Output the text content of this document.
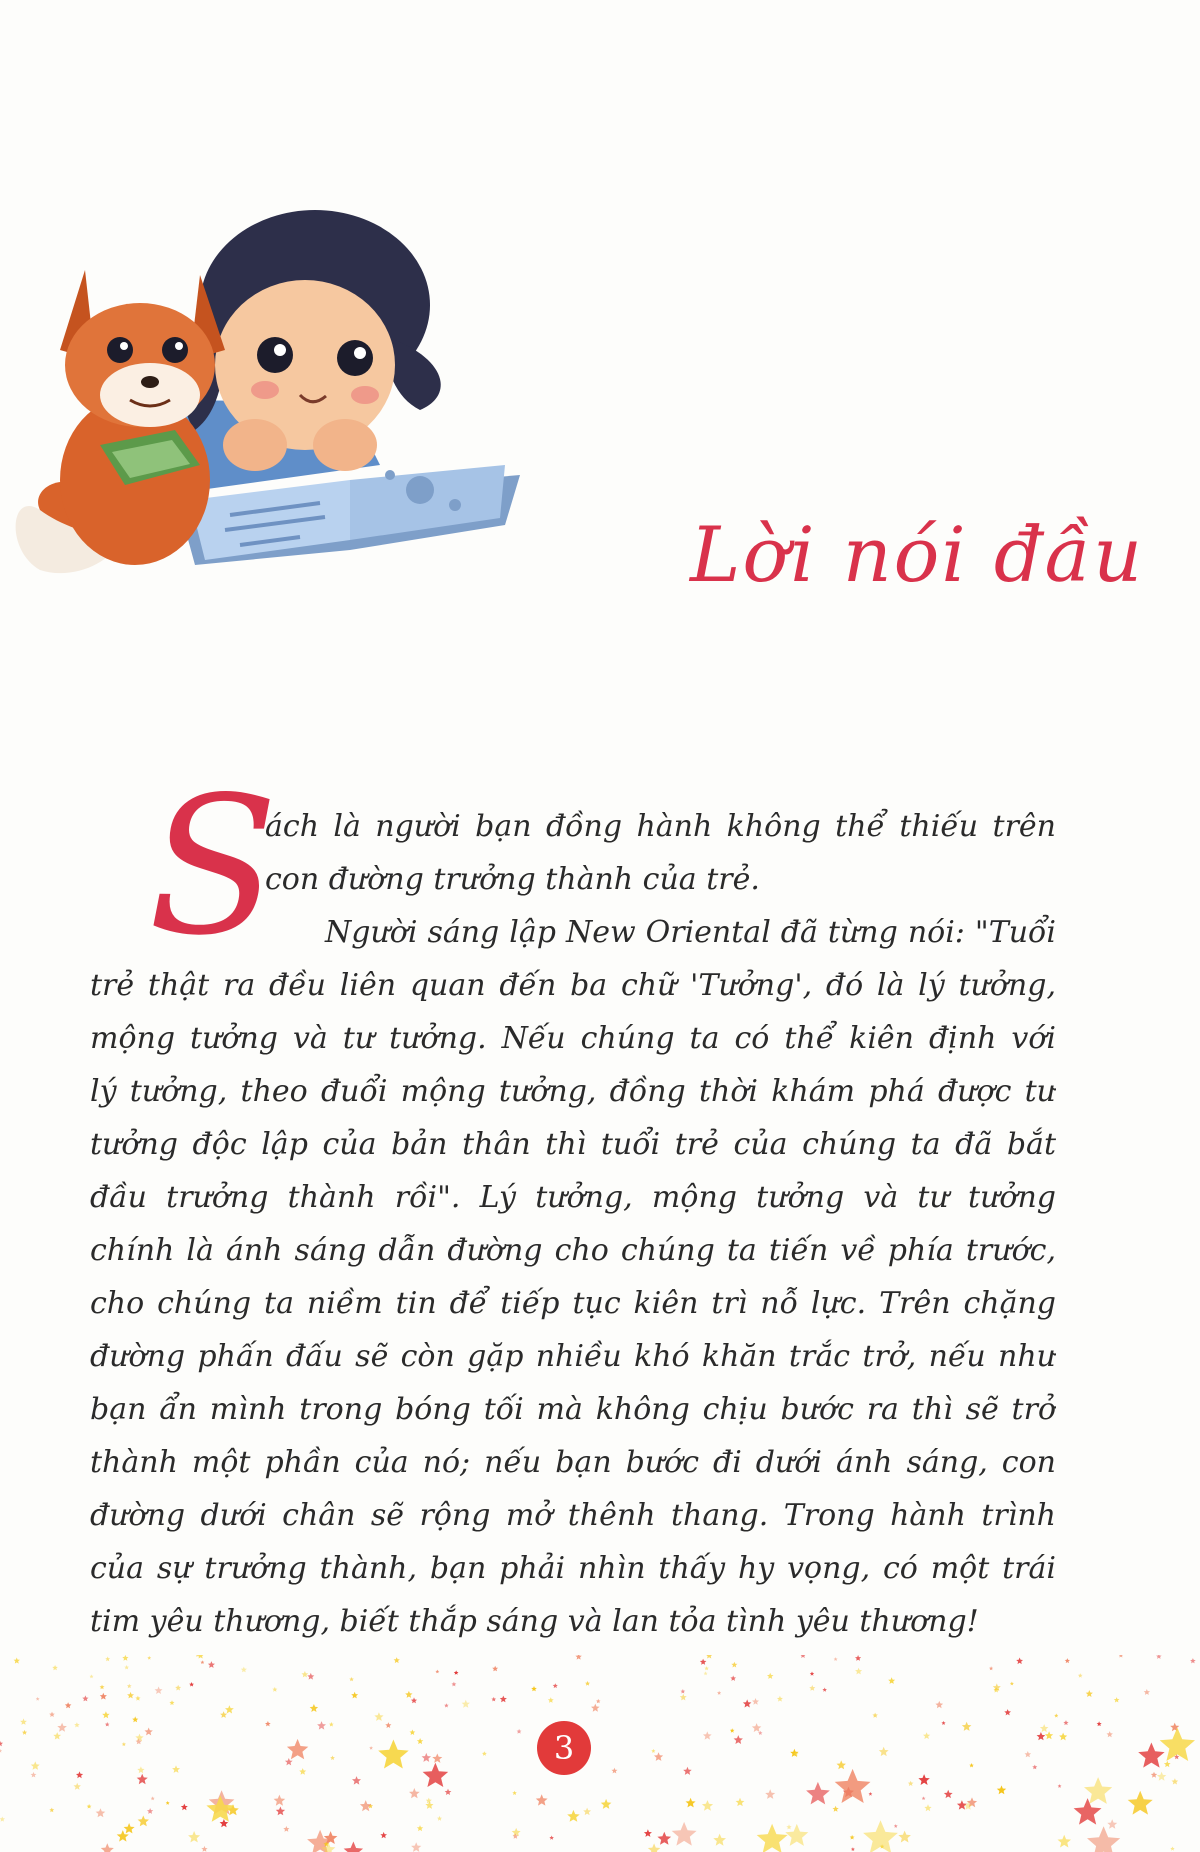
Lời nói đầu
S
ách là người bạn đồng hành không thể thiếu trên
con đường trưởng thành của trẻ.
Người sáng lập New Oriental đã từng nói: "Tuổi
trẻ thật ra đều liên quan đến ba chữ 'Tưởng', đó là lý tưởng,
mộng tưởng và tư tưởng. Nếu chúng ta có thể kiên định với
lý tưởng, theo đuổi mộng tưởng, đồng thời khám phá được tư
tưởng độc lập của bản thân thì tuổi trẻ của chúng ta đã bắt
đầu trưởng thành rồi". Lý tưởng, mộng tưởng và tư tưởng
chính là ánh sáng dẫn đường cho chúng ta tiến về phía trước,
cho chúng ta niềm tin để tiếp tục kiên trì nỗ lực. Trên chặng
đường phấn đấu sẽ còn gặp nhiều khó khăn trắc trở, nếu như
bạn ẩn mình trong bóng tối mà không chịu bước ra thì sẽ trở
thành một phần của nó; nếu bạn bước đi dưới ánh sáng, con
đường dưới chân sẽ rộng mở thênh thang. Trong hành trình
của sự trưởng thành, bạn phải nhìn thấy hy vọng, có một trái
tim yêu thương, biết thắp sáng và lan tỏa tình yêu thương!
3
